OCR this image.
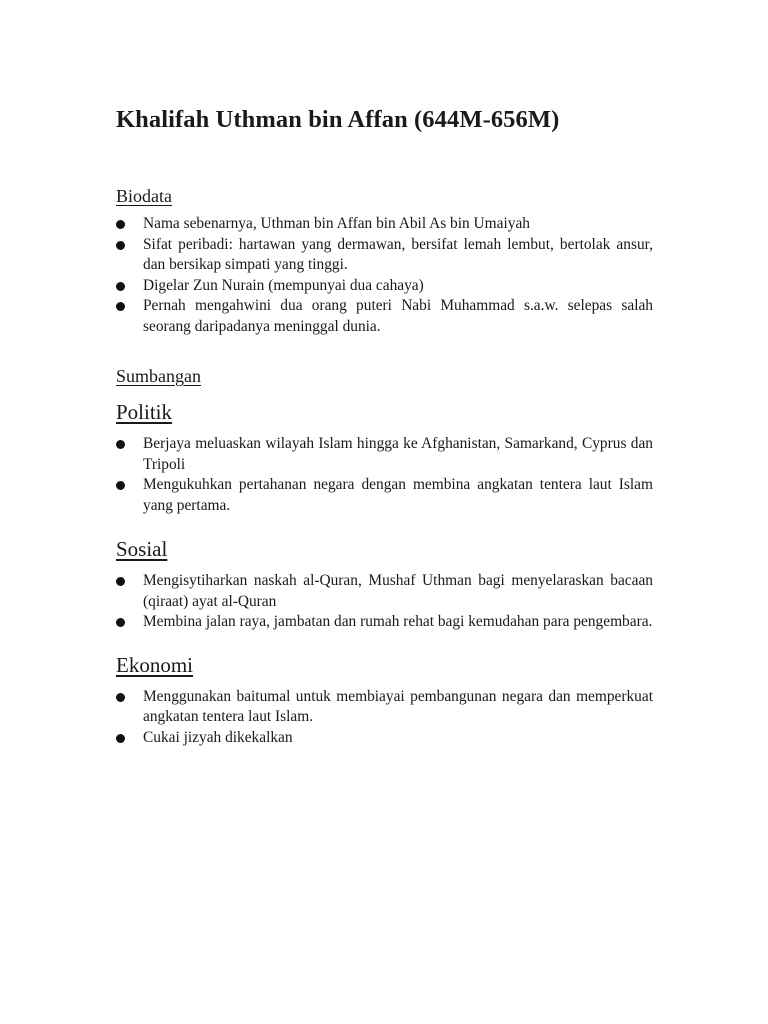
Khalifah Uthman bin Affan (644M-656M)
Biodata
Nama sebenarnya, Uthman bin Affan bin Abil As bin Umaiyah
Sifat peribadi: hartawan yang dermawan, bersifat lemah lembut, bertolak ansur, dan bersikap simpati yang tinggi.
Digelar Zun Nurain (mempunyai dua cahaya)
Pernah mengahwini dua orang puteri Nabi Muhammad s.a.w. selepas salah seorang daripadanya meninggal dunia.
Sumbangan
Politik
Berjaya meluaskan wilayah Islam hingga ke Afghanistan, Samarkand, Cyprus dan Tripoli
Mengukuhkan pertahanan negara dengan membina angkatan tentera laut Islam yang pertama.
Sosial
Mengisytiharkan naskah al-Quran, Mushaf Uthman bagi menyelaraskan bacaan (qiraat) ayat al-Quran
Membina jalan raya, jambatan dan rumah rehat bagi kemudahan para pengembara.
Ekonomi
Menggunakan baitumal untuk membiayai pembangunan negara dan memperkuat angkatan tentera laut Islam.
Cukai jizyah dikekalkan
